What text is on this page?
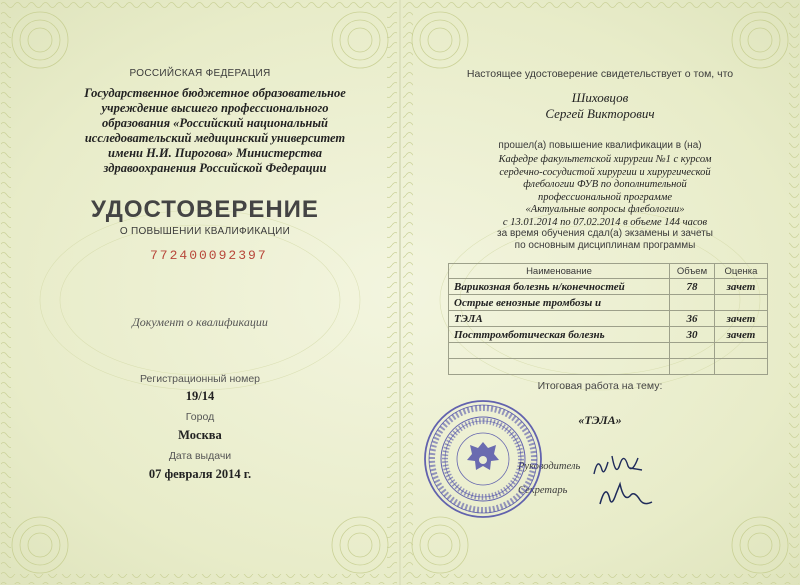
РОССИЙСКАЯ ФЕДЕРАЦИЯ
Государственное бюджетное образовательное
учреждение высшего профессионального
образования «Российский национальный
исследовательский медицинский университет
имени Н.И. Пирогова» Министерства
здравоохранения Российской Федерации
УДОСТОВЕРЕНИЕ
О ПОВЫШЕНИИ КВАЛИФИКАЦИИ
772400092397
Документ о квалификации
Регистрационный номер
19/14
Город
Москва
Дата выдачи
07 февраля 2014 г.
Настоящее удостоверение свидетельствует о том, что
Шиховцов
Сергей Викторович
прошел(а) повышение квалификации в (на)
Кафедре факультетской хирургии №1 с курсом
сердечно-сосудистой хирургии и хирургической
флебологии ФУВ по дополнительной
профессиональной программе
«Актуальные вопросы флебологии»
с 13.01.2014 по 07.02.2014 в объеме 144 часов
за время обучения сдал(а) экзамены и зачеты
по основным дисциплинам программы
Наименование	Объем	Оценка
Варикозная болезнь н/конечностей	78	зачет
Острые венозные тромбозы и		
ТЭЛА	36	зачет
Посттромботическая болезнь	30	зачет

Итоговая работа на тему:
«ТЭЛА»
Руководитель
Секретарь
